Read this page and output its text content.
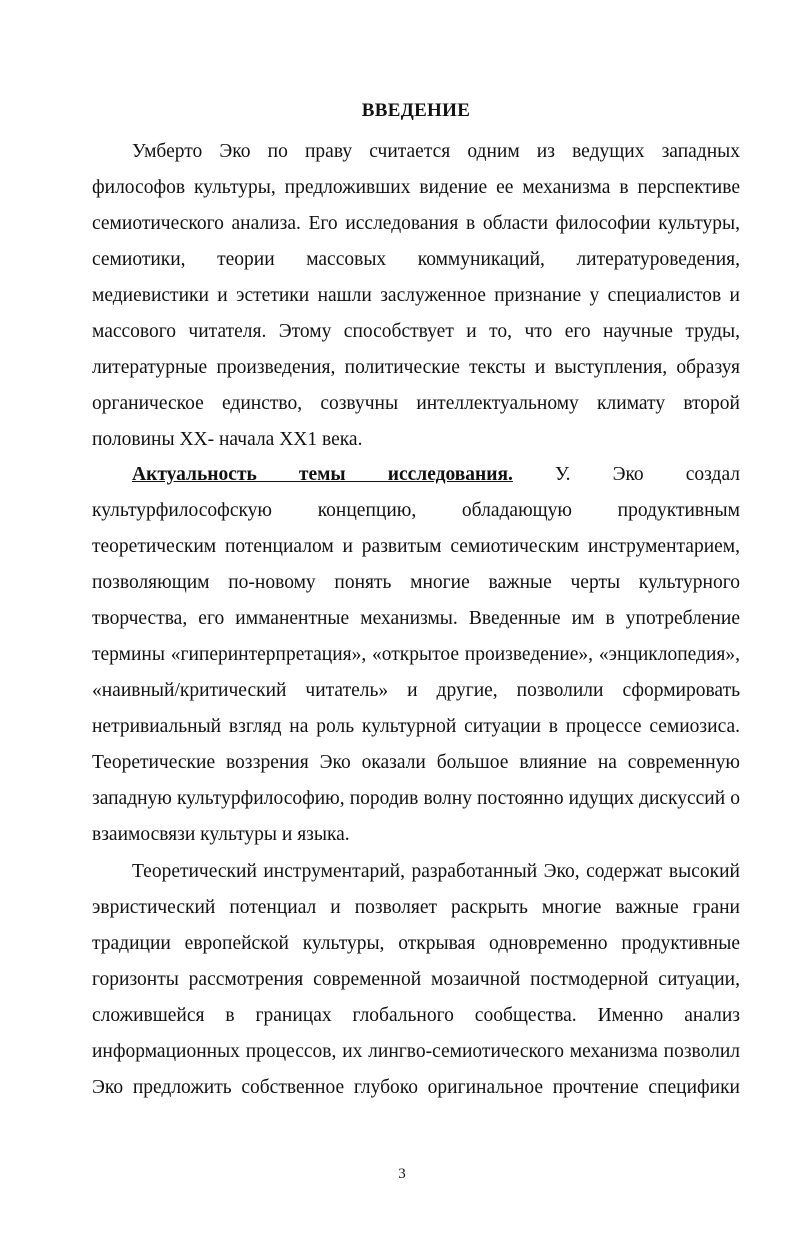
ВВЕДЕНИЕ
Умберто Эко по праву считается одним из ведущих западных
философов культуры, предложивших видение ее механизма в перспективе
семиотического анализа. Его исследования в области философии культуры,
семиотики, теории массовых коммуникаций, литературоведения,
медиевистики и эстетики нашли заслуженное признание у специалистов и
массового читателя. Этому способствует и то, что его научные труды,
литературные произведения, политические тексты и выступления, образуя
органическое единство, созвучны интеллектуальному климату второй
половины ХХ- начала ХХ1 века.
Актуальность темы исследования. У. Эко создал
культурфилософскую концепцию, обладающую продуктивным
теоретическим потенциалом и развитым семиотическим инструментарием,
позволяющим по-новому понять многие важные черты культурного
творчества, его имманентные механизмы. Введенные им в употребление
термины «гиперинтерпретация», «открытое произведение», «энциклопедия»,
«наивный/критический читатель» и другие, позволили сформировать
нетривиальный взгляд на роль культурной ситуации в процессе семиозиса.
Теоретические воззрения Эко оказали большое влияние на современную
западную культурфилософию, породив волну постоянно идущих дискуссий о
взаимосвязи культуры и языка.
Теоретический инструментарий, разработанный Эко, содержат высокий
эвристический потенциал и позволяет раскрыть многие важные грани
традиции европейской культуры, открывая одновременно продуктивные
горизонты рассмотрения современной мозаичной постмодерной ситуации,
сложившейся в границах глобального сообщества. Именно анализ
информационных процессов, их лингво-семиотического механизма позволил
Эко предложить собственное глубоко оригинальное прочтение специфики
3
